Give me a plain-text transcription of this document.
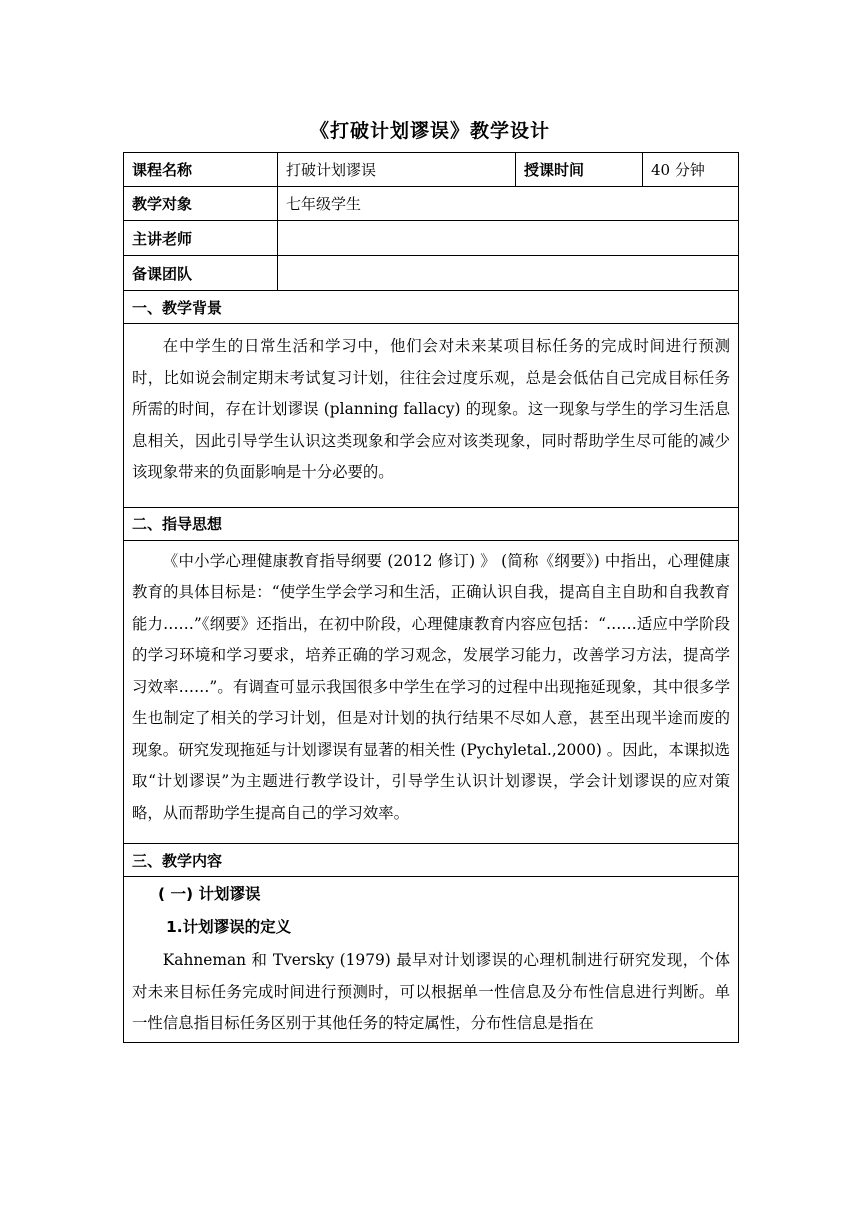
《打破计划谬误》教学设计
课程名称	打破计划谬误	授课时间	40 分钟
教学对象	七年级学生
主讲老师
备课团队
一、教学背景

在中学生的日常生活和学习中，他们会对未来某项目标任务的完成时间进行预测时，比如说会制定期末考试复习计划，往往会过度乐观，总是会低估自己完成目标任务所需的时间，存在计划谬误 (planning fallacy) 的现象。这一现象与学生的学习生活息息相关，因此引导学生认识这类现象和学会应对该类现象，同时帮助学生尽可能的减少该现象带来的负面影响是十分必要的。

二、指导思想

《中小学心理健康教育指导纲要 (2012 修订) 》 (简称《纲要》) 中指出，心理健康教育的具体目标是：“使学生学会学习和生活，正确认识自我，提高自主自助和自我教育能力……”《纲要》还指出，在初中阶段，心理健康教育内容应包括：“……适应中学阶段的学习环境和学习要求，培养正确的学习观念，发展学习能力，改善学习方法，提高学习效率……”。有调查可显示我国很多中学生在学习的过程中出现拖延现象，其中很多学生也制定了相关的学习计划，但是对计划的执行结果不尽如人意，甚至出现半途而废的现象。研究发现拖延与计划谬误有显著的相关性 (Pychyletal.,2000) 。因此，本课拟选取“计划谬误”为主题进行教学设计，引导学生认识计划谬误，学会计划谬误的应对策略，从而帮助学生提高自己的学习效率。

三、教学内容
( 一) 计划谬误
1.计划谬误的定义

Kahneman 和 Tversky (1979) 最早对计划谬误的心理机制进行研究发现，个体对未来目标任务完成时间进行预测时，可以根据单一性信息及分布性信息进行判断。单一性信息指目标任务区别于其他任务的特定属性，分布性信息是指在
